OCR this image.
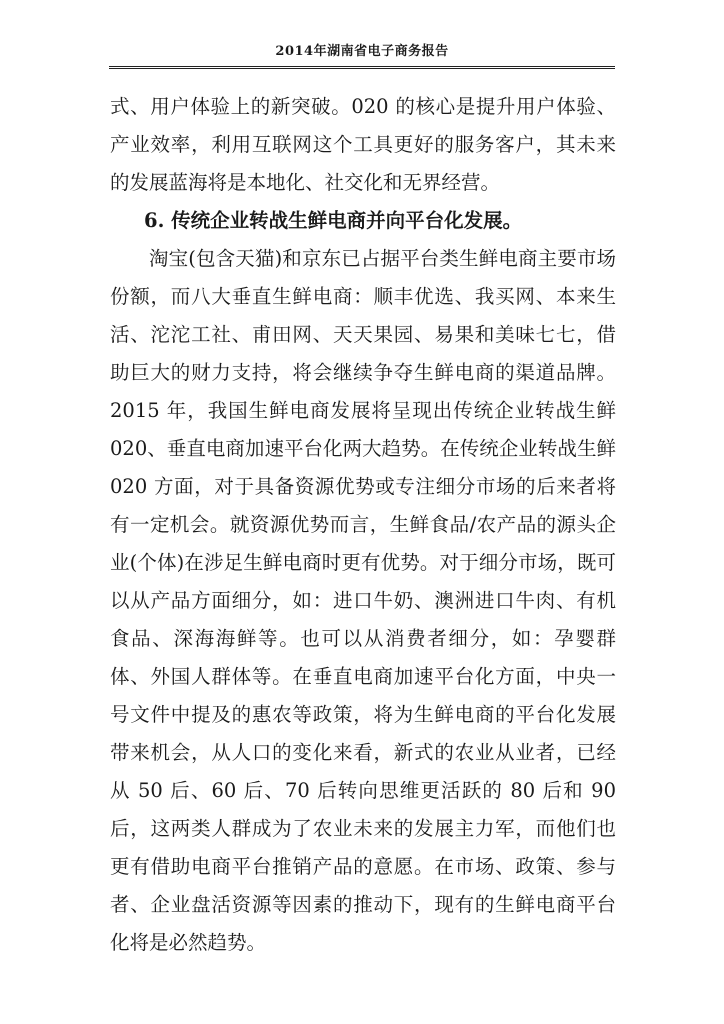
2014年湖南省电子商务报告

式、用户体验上的新突破。020 的核心是提升用户体验、产业效率，利用互联网这个工具更好的服务客户，其未来的发展蓝海将是本地化、社交化和无界经营。

6. 传统企业转战生鲜电商并向平台化发展。

淘宝(包含天猫)和京东已占据平台类生鲜电商主要市场份额，而八大垂直生鲜电商：顺丰优选、我买网、本来生活、沱沱工社、甫田网、天天果园、易果和美味七七，借助巨大的财力支持，将会继续争夺生鲜电商的渠道品牌。2015 年，我国生鲜电商发展将呈现出传统企业转战生鲜 020、垂直电商加速平台化两大趋势。在传统企业转战生鲜 020 方面，对于具备资源优势或专注细分市场的后来者将有一定机会。就资源优势而言，生鲜食品/农产品的源头企业(个体)在涉足生鲜电商时更有优势。对于细分市场，既可以从产品方面细分，如：进口牛奶、澳洲进口牛肉、有机食品、深海海鲜等。也可以从消费者细分，如：孕婴群体、外国人群体等。在垂直电商加速平台化方面，中央一号文件中提及的惠农等政策，将为生鲜电商的平台化发展带来机会，从人口的变化来看，新式的农业从业者，已经从 50 后、60 后、70 后转向思维更活跃的 80 后和 90 后，这两类人群成为了农业未来的发展主力军，而他们也更有借助电商平台推销产品的意愿。在市场、政策、参与者、企业盘活资源等因素的推动下，现有的生鲜电商平台化将是必然趋势。
